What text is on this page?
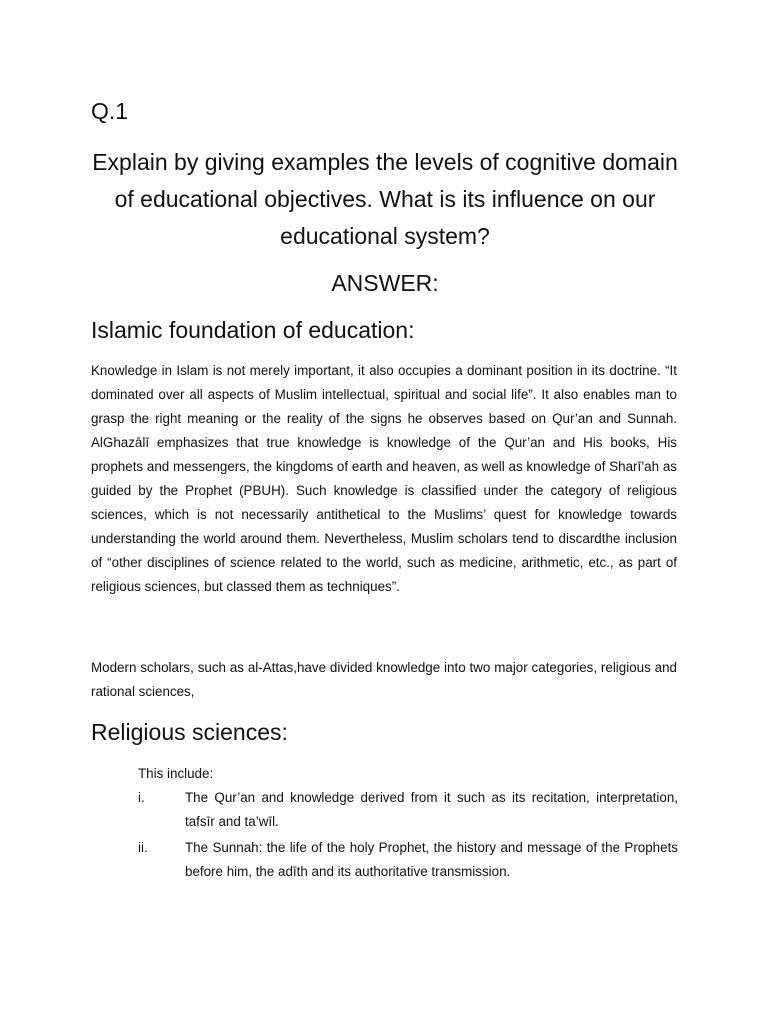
Q.1
Explain by giving examples the levels of cognitive domain of educational objectives. What is its influence on our educational system?
ANSWER:
Islamic foundation of education:

Knowledge in Islam is not merely important, it also occupies a dominant position in its doctrine. “It dominated over all aspects of Muslim intellectual, spiritual and social life”. It also enables man to grasp the right meaning or the reality of the signs he observes based on Qur’an and Sunnah. AlGhazālī emphasizes that true knowledge is knowledge of the Qur’an and His books, His prophets and messengers, the kingdoms of earth and heaven, as well as knowledge of Sharī’ah as guided by the Prophet (PBUH). Such knowledge is classified under the category of religious sciences, which is not necessarily antithetical to the Muslims’ quest for knowledge towards understanding the world around them. Nevertheless, Muslim scholars tend to discardthe inclusion of “other disciplines of science related to the world, such as medicine, arithmetic, etc., as part of religious sciences, but classed them as techniques”.

Modern scholars, such as al-Attas,have divided knowledge into two major categories, religious and rational sciences,

Religious sciences:
This include:
i.	The Qur’an and knowledge derived from it such as its recitation, interpretation, tafsīr and ta’wīl.
ii.	The Sunnah: the life of the holy Prophet, the history and message of the Prophets before him, the adīth and its authoritative transmission.
